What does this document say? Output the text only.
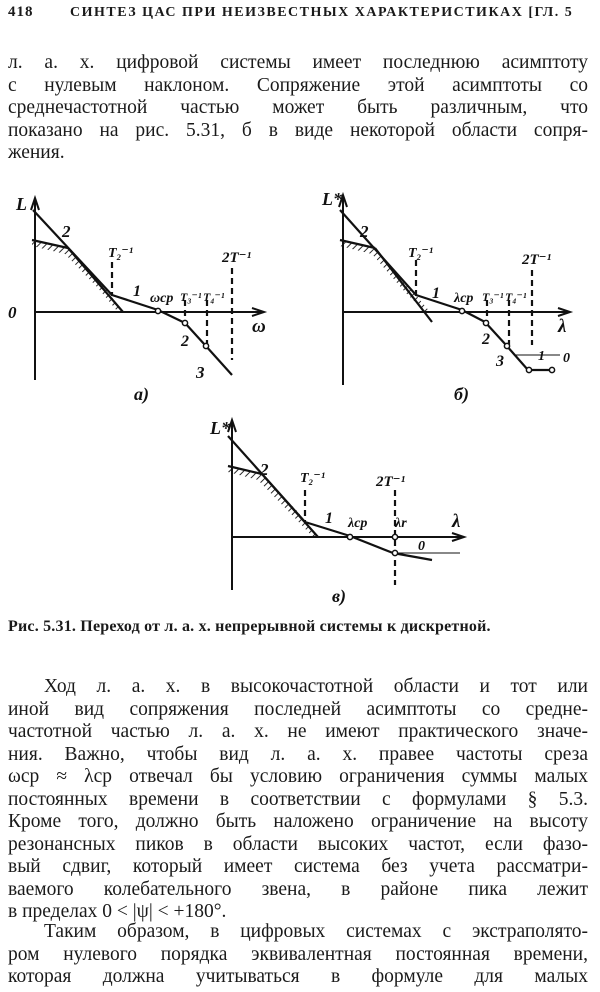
418	СИНТЕЗ ЦАС ПРИ НЕИЗВЕСТНЫХ ХАРАКТЕРИСТИКАХ [ГЛ. 5
л. а. х. цифровой системы имеет последнюю асимптоту
с нулевым наклоном. Сопряжение этой асимптоты со
среднечастотной частью может быть различным, что
показано на рис. 5.31, б в виде некоторой области сопря-
жения.
L
0
ω
2
1
T₂⁻¹
ωср T₃⁻¹ T₄⁻¹
2T⁻¹
2
3
а)
L*
λ
2
1
T₂⁻¹
λср T₃⁻¹ T₄⁻¹
2T⁻¹
2
3 1 0
б)
L*
λ
2
1
T₂⁻¹
λср λr
2T⁻¹
0
в)
Рис. 5.31. Переход от л. а. х. непрерывной системы к дискретной.
Ход л. а. х. в высокочастотной области и тот или
иной вид сопряжения последней асимптоты со средне-
частотной частью л. а. х. не имеют практического значе-
ния. Важно, чтобы вид л. а. х. правее частоты среза
ωср ≈ λср отвечал бы условию ограничения суммы малых
постоянных времени в соответствии с формулами § 5.3.
Кроме того, должно быть наложено ограничение на высоту
резонансных пиков в области высоких частот, если фазо-
вый сдвиг, который имеет система без учета рассматри-
ваемого колебательного звена, в районе пика лежит
в пределах 0 < |ψ| < +180°.
Таким образом, в цифровых системах с экстраполято-
ром нулевого порядка эквивалентная постоянная времени,
которая должна учитываться в формуле для малых
